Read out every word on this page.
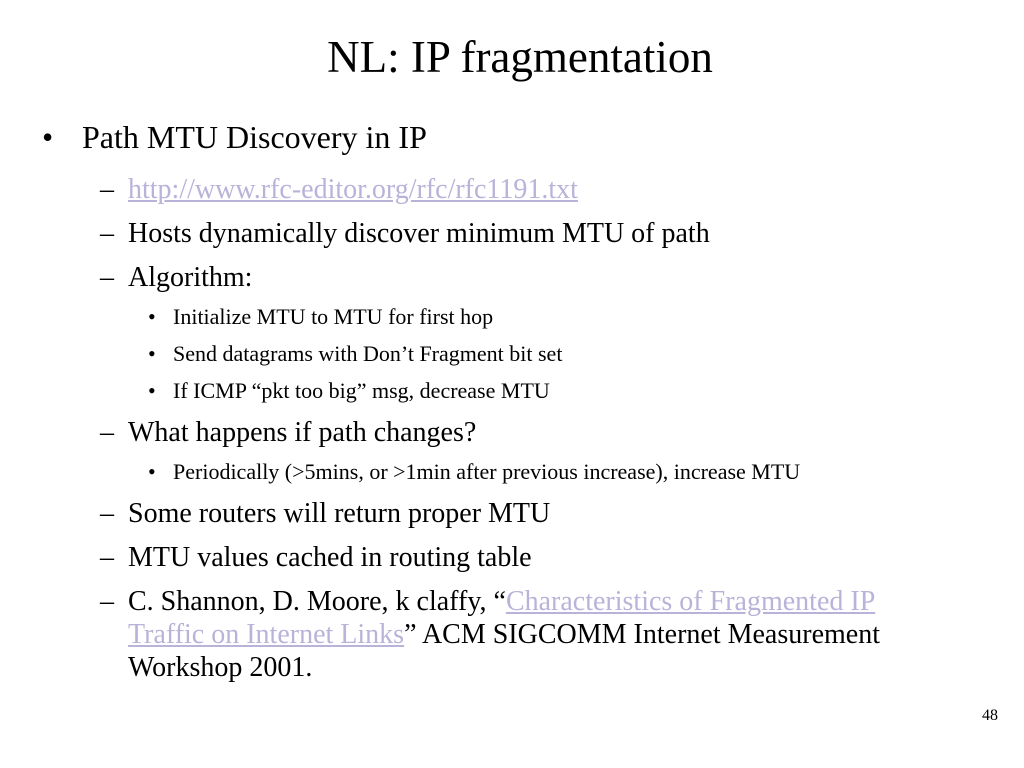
NL: IP fragmentation
• Path MTU Discovery in IP
– http://www.rfc-editor.org/rfc/rfc1191.txt
– Hosts dynamically discover minimum MTU of path
– Algorithm:
• Initialize MTU to MTU for first hop
• Send datagrams with Don’t Fragment bit set
• If ICMP “pkt too big” msg, decrease MTU
– What happens if path changes?
• Periodically (>5mins, or >1min after previous increase), increase MTU
– Some routers will return proper MTU
– MTU values cached in routing table
– C. Shannon, D. Moore, k claffy, “Characteristics of Fragmented IP Traffic on Internet Links” ACM SIGCOMM Internet Measurement Workshop 2001.
48
